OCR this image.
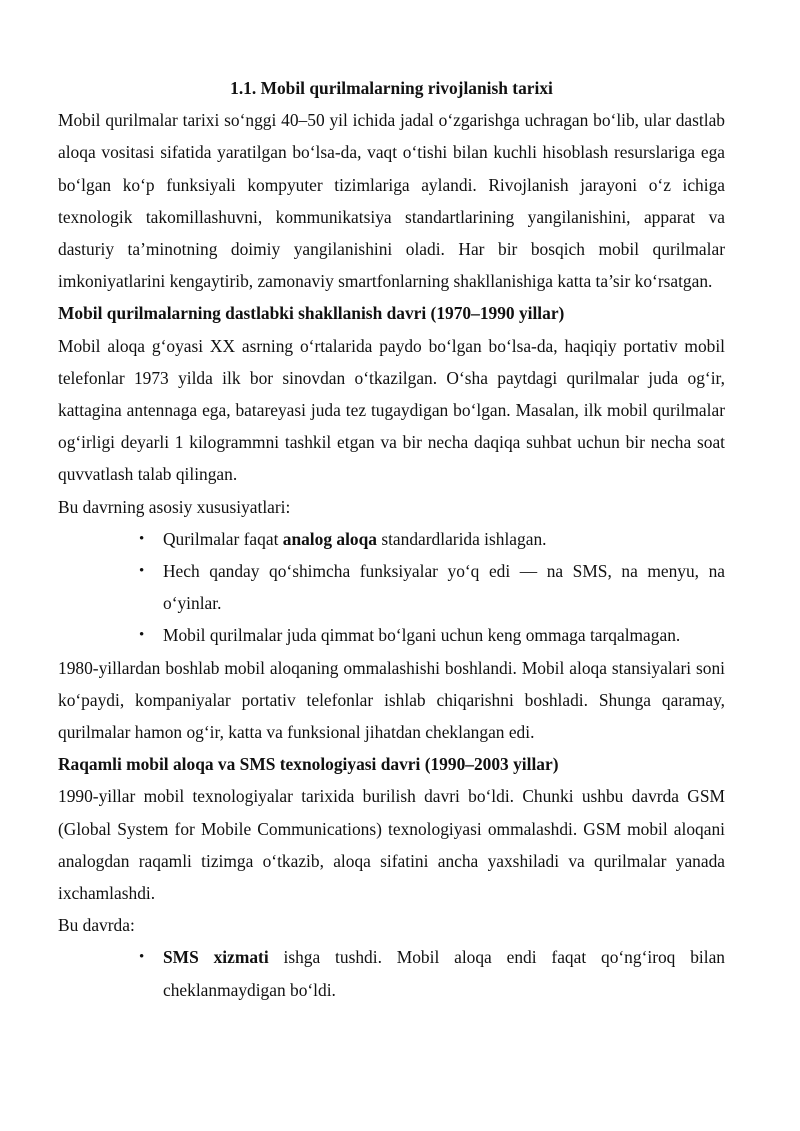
1.1. Mobil qurilmalarning rivojlanish tarixi

Mobil qurilmalar tarixi so‘nggi 40–50 yil ichida jadal o‘zgarishga uchragan bo‘lib, ular dastlab aloqa vositasi sifatida yaratilgan bo‘lsa-da, vaqt o‘tishi bilan kuchli hisoblash resurslariga ega bo‘lgan ko‘p funksiyali kompyuter tizimlariga aylandi. Rivojlanish jarayoni o‘z ichiga texnologik takomillashuvni, kommunikatsiya standartlarining yangilanishini, apparat va dasturiy ta’minotning doimiy yangilanishini oladi. Har bir bosqich mobil qurilmalar imkoniyatlarini kengaytirib, zamonaviy smartfonlarning shakllanishiga katta ta’sir ko‘rsatgan.

Mobil qurilmalarning dastlabki shakllanish davri (1970–1990 yillar)

Mobil aloqa g‘oyasi XX asrning o‘rtalarida paydo bo‘lgan bo‘lsa-da, haqiqiy portativ mobil telefonlar 1973 yilda ilk bor sinovdan o‘tkazilgan. O‘sha paytdagi qurilmalar juda og‘ir, kattagina antennaga ega, batareyasi juda tez tugaydigan bo‘lgan. Masalan, ilk mobil qurilmalar og‘irligi deyarli 1 kilogrammni tashkil etgan va bir necha daqiqa suhbat uchun bir necha soat quvvatlash talab qilingan.

Bu davrning asosiy xususiyatlari:

• Qurilmalar faqat analog aloqa standardlarida ishlagan.
• Hech qanday qo‘shimcha funksiyalar yo‘q edi — na SMS, na menyu, na o‘yinlar.
• Mobil qurilmalar juda qimmat bo‘lgani uchun keng ommaga tarqalmagan.

1980-yillardan boshlab mobil aloqaning ommalashishi boshlandi. Mobil aloqa stansiyalari soni ko‘paydi, kompaniyalar portativ telefonlar ishlab chiqarishni boshladi. Shunga qaramay, qurilmalar hamon og‘ir, katta va funksional jihatdan cheklangan edi.

Raqamli mobil aloqa va SMS texnologiyasi davri (1990–2003 yillar)

1990-yillar mobil texnologiyalar tarixida burilish davri bo‘ldi. Chunki ushbu davrda GSM (Global System for Mobile Communications) texnologiyasi ommalashdi. GSM mobil aloqani analogdan raqamli tizimga o‘tkazib, aloqa sifatini ancha yaxshiladi va qurilmalar yanada ixchamlashdi.

Bu davrda:

• SMS xizmati ishga tushdi. Mobil aloqa endi faqat qo‘ng‘iroq bilan cheklanmaydigan bo‘ldi.
